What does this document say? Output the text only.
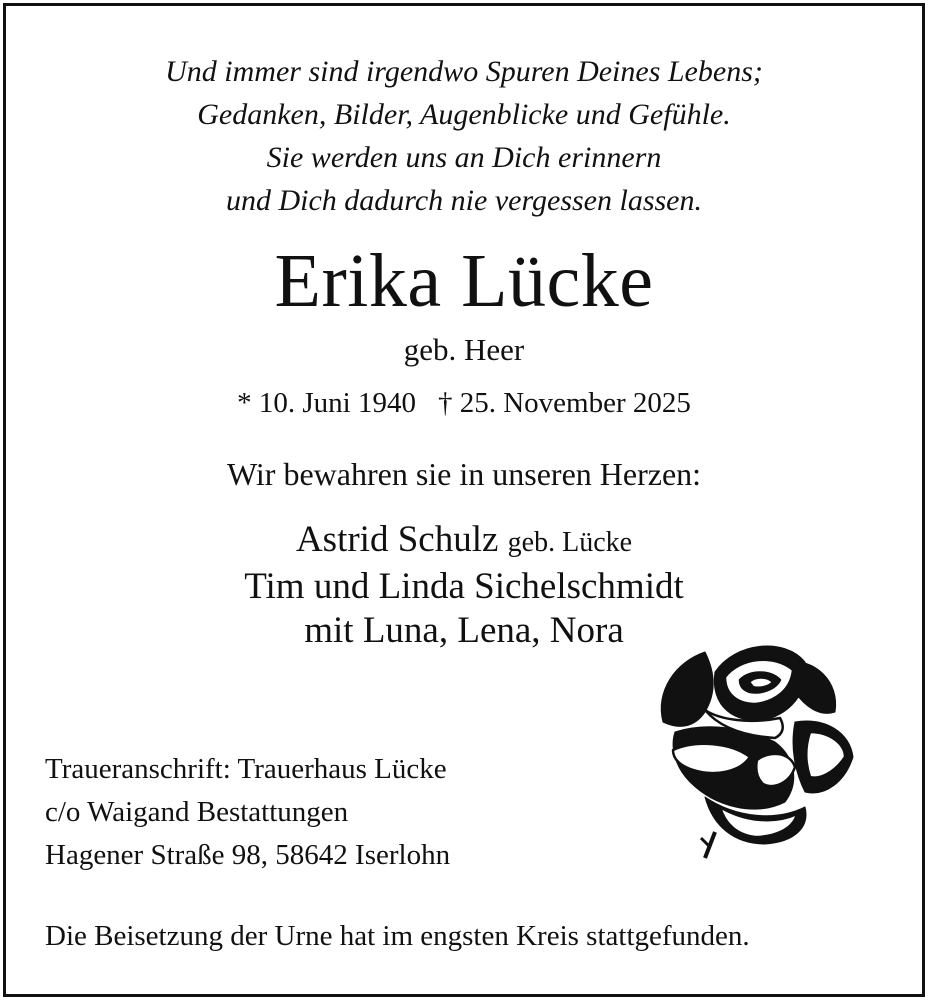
Und immer sind irgendwo Spuren Deines Lebens;
Gedanken, Bilder, Augenblicke und Gefühle.
Sie werden uns an Dich erinnern
und Dich dadurch nie vergessen lassen.
Erika Lücke
geb. Heer
* 10. Juni 1940 † 25. November 2025
Wir bewahren sie in unseren Herzen:
Astrid Schulz geb. Lücke
Tim und Linda Sichelschmidt
mit Luna, Lena, Nora
Traueranschrift: Trauerhaus Lücke
c/o Waigand Bestattungen
Hagener Straße 98, 58642 Iserlohn
Die Beisetzung der Urne hat im engsten Kreis stattgefunden.
